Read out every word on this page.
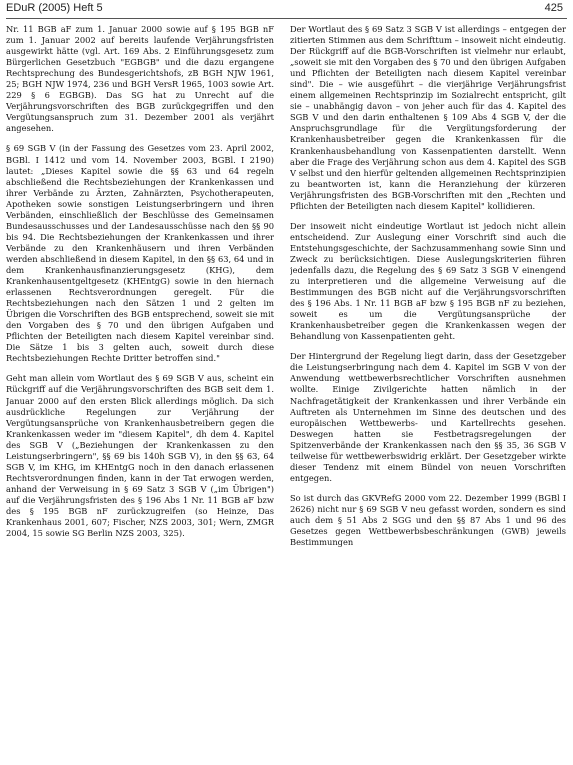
EDuR (2005) Heft 5	425

Nr. 11 BGB aF zum 1. Januar 2000 sowie auf § 195 BGB nF zum 1. Januar 2002 auf bereits laufende Verjährungsfristen ausgewirkt hätte (vgl. Art. 169 Abs. 2 Einführungsgesetz zum Bürgerlichen Gesetzbuch "EGBGB" und die dazu ergangene Rechtsprechung des Bundesgerichtshofs, zB BGH NJW 1961, 25; BGH NJW 1974, 236 und BGH VersR 1965, 1003 sowie Art. 229 § 6 EGBGB). Das SG hat zu Unrecht auf die Verjährungsvorschriften des BGB zurückgegriffen und den Vergütungsanspruch zum 31. Dezember 2001 als verjährt angesehen.

§ 69 SGB V (in der Fassung des Gesetzes vom 23. April 2002, BGBl. I 1412 und vom 14. November 2003, BGBl. I 2190) lautet: „Dieses Kapitel sowie die §§ 63 und 64 regeln abschließend die Rechtsbeziehungen der Krankenkassen und ihrer Verbände zu Ärzten, Zahnärzten, Psychotherapeuten, Apotheken sowie sonstigen Leistungserbringern und ihren Verbänden, einschließlich der Beschlüsse des Gemeinsamen Bundesausschusses und der Landesausschüsse nach den §§ 90 bis 94. Die Rechtsbeziehungen der Krankenkassen und ihrer Verbände zu den Krankenhäusern und ihren Verbänden werden abschließend in diesem Kapitel, in den §§ 63, 64 und in dem Krankenhausfinanzierungsgesetz (KHG), dem Krankenhausentgeltgesetz (KHEntgG) sowie in den hiernach erlassenen Rechtsverordnungen geregelt. Für die Rechtsbeziehungen nach den Sätzen 1 und 2 gelten im Übrigen die Vorschriften des BGB entsprechend, soweit sie mit den Vorgaben des § 70 und den übrigen Aufgaben und Pflichten der Beteiligten nach diesem Kapitel vereinbar sind. Die Sätze 1 bis 3 gelten auch, soweit durch diese Rechtsbeziehungen Rechte Dritter betroffen sind."

Geht man allein vom Wortlaut des § 69 SGB V aus, scheint ein Rückgriff auf die Verjährungsvorschriften des BGB seit dem 1. Januar 2000 auf den ersten Blick allerdings möglich. Da sich ausdrückliche Regelungen zur Verjährung der Vergütungsansprüche von Krankenhausbetreibern gegen die Krankenkassen weder im "diesem Kapitel", dh dem 4. Kapitel des SGB V („Beziehungen der Krankenkassen zu den Leistungserbringern", §§ 69 bis 140h SGB V), in den §§ 63, 64 SGB V, im KHG, im KHEntgG noch in den danach erlassenen Rechtsverordnungen finden, kann in der Tat erwogen werden, anhand der Verweisung in § 69 Satz 3 SGB V („im Übrigen") auf die Verjährungsfristen des § 196 Abs 1 Nr. 11 BGB aF bzw des § 195 BGB nF zurückzugreifen (so Heinze, Das Krankenhaus 2001, 607; Fischer, NZS 2003, 301; Wern, ZMGR 2004, 15 sowie SG Berlin NZS 2003, 325).

Der Wortlaut des § 69 Satz 3 SGB V ist allerdings – entgegen der zitierten Stimmen aus dem Schrifttum – insoweit nicht eindeutig. Der Rückgriff auf die BGB-Vorschriften ist vielmehr nur erlaubt, „soweit sie mit den Vorgaben des § 70 und den übrigen Aufgaben und Pflichten der Beteiligten nach diesem Kapitel vereinbar sind". Die – wie ausgeführt – die vierjährige Verjährungsfrist einem allgemeinen Rechtsprinzip im Sozialrecht entspricht, gilt sie – unabhängig davon – von jeher auch für das 4. Kapitel des SGB V und den darin enthaltenen § 109 Abs 4 SGB V, der die Anspruchsgrundlage für die Vergütungsforderung der Krankenhausbetreiber gegen die Krankenkassen für die Krankenhausbehandlung von Kassenpatienten darstellt. Wenn aber die Frage des Verjährung schon aus dem 4. Kapitel des SGB V selbst und den hierfür geltenden allgemeinen Rechtsprinzipien zu beantworten ist, kann die Heranziehung der kürzeren Verjährungsfristen des BGB-Vorschriften mit den „Rechten und Pflichten der Beteiligten nach diesem Kapitel" kollidieren.

Der insoweit nicht eindeutige Wortlaut ist jedoch nicht allein entscheidend. Zur Auslegung einer Vorschrift sind auch die Entstehungsgeschichte, der Sachzusammenhang sowie Sinn und Zweck zu berücksichtigen. Diese Auslegungskriterien führen jedenfalls dazu, die Regelung des § 69 Satz 3 SGB V einengend zu interpretieren und die allgemeine Verweisung auf die Bestimmungen des BGB nicht auf die Verjährungsvorschriften des § 196 Abs. 1 Nr. 11 BGB aF bzw § 195 BGB nF zu beziehen, soweit es um die Vergütungsansprüche der Krankenhausbetreiber gegen die Krankenkassen wegen der Behandlung von Kassenpatienten geht.

Der Hintergrund der Regelung liegt darin, dass der Gesetzgeber die Leistungserbringung nach dem 4. Kapitel im SGB V von der Anwendung wettbewerbsrechtlicher Vorschriften ausnehmen wollte. Einige Zivilgerichte hatten nämlich in der Nachfragetätigkeit der Krankenkassen und ihrer Verbände ein Auftreten als Unternehmen im Sinne des deutschen und des europäischen Wettbewerbs- und Kartellrechts gesehen. Deswegen hatten sie Festbetragsregelungen der Spitzenverbände der Krankenkassen nach den §§ 35, 36 SGB V teilweise für wettbewerbswidrig erklärt. Der Gesetzgeber wirkte dieser Tendenz mit einem Bündel von neuen Vorschriften entgegen.

So ist durch das GKVRefG 2000 vom 22. Dezember 1999 (BGBl I 2626) nicht nur § 69 SGB V neu gefasst worden, sondern es sind auch dem § 51 Abs 2 SGG und den §§ 87 Abs 1 und 96 des Gesetzes gegen Wettbewerbsbeschränkungen (GWB) jeweils Bestimmungen
